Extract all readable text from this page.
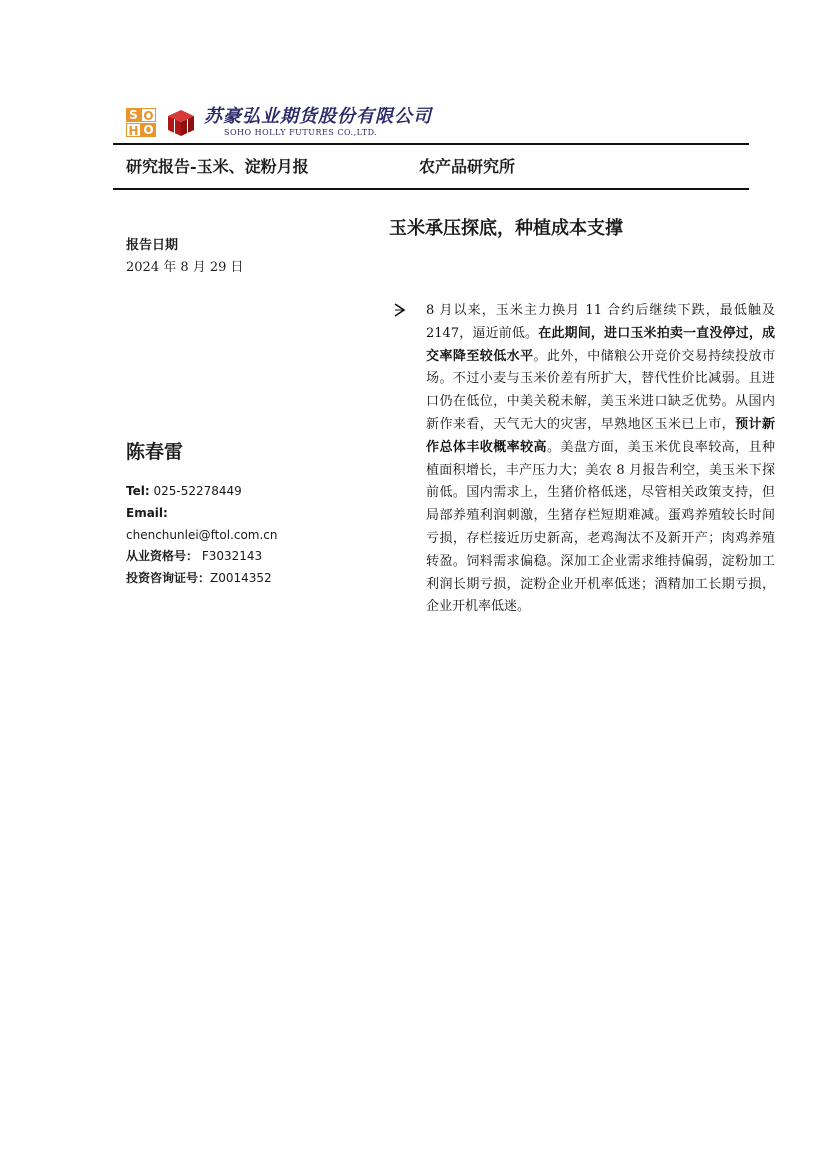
S O
H O
苏豪弘业期货股份有限公司
SOHO HOLLY FUTURES CO.,LTD.
研究报告-玉米、淀粉月报	农产品研究所
玉米承压探底，种植成本支撑
报告日期
2024 年 8 月 29 日
陈春雷
Tel: 025-52278449
Email:
chenchunlei@ftol.com.cn
从业资格号： F3032143
投资咨询证号：Z0014352
8 月以来，玉米主力换月 11 合约后继续下跌，最低触及 2147，逼近前低。在此期间，进口玉米拍卖一直没停过，成交率降至较低水平。此外，中储粮公开竞价交易持续投放市场。不过小麦与玉米价差有所扩大，替代性价比减弱。且进口仍在低位，中美关税未解，美玉米进口缺乏优势。从国内新作来看，天气无大的灾害，早熟地区玉米已上市，预计新作总体丰收概率较高。美盘方面，美玉米优良率较高，且种植面积增长，丰产压力大；美农 8 月报告利空，美玉米下探前低。国内需求上，生猪价格低迷，尽管相关政策支持，但局部养殖利润刺激，生猪存栏短期难减。蛋鸡养殖较长时间亏损，存栏接近历史新高，老鸡淘汰不及新开产；肉鸡养殖转盈。饲料需求偏稳。深加工企业需求维持偏弱，淀粉加工利润长期亏损，淀粉企业开机率低迷；酒精加工长期亏损，企业开机率低迷。
